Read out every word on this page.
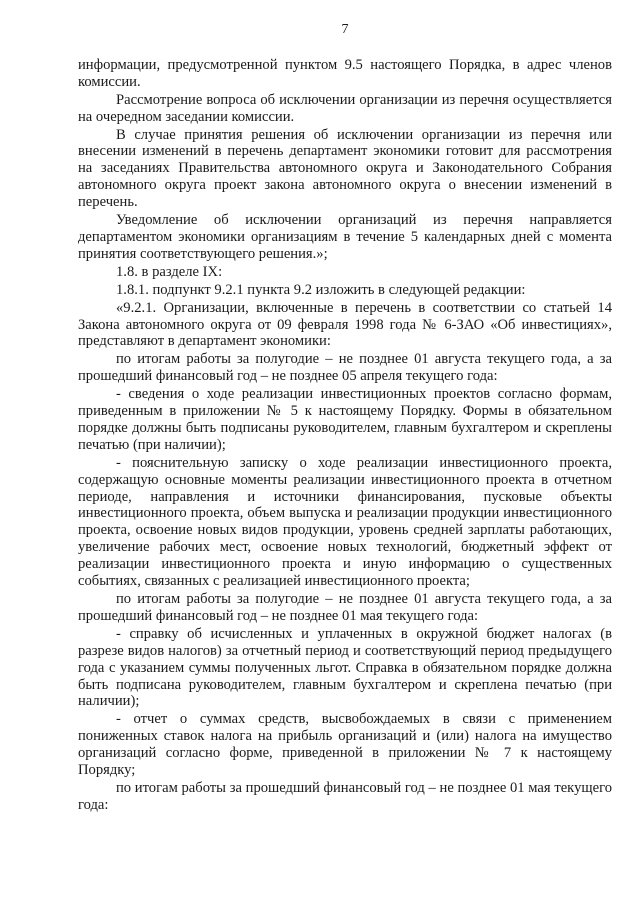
7

информации, предусмотренной пунктом 9.5 настоящего Порядка, в адрес членов комиссии.

Рассмотрение вопроса об исключении организации из перечня осуществляется на очередном заседании комиссии.

В случае принятия решения об исключении организации из перечня или внесении изменений в перечень департамент экономики готовит для рассмотрения на заседаниях Правительства автономного округа и Законодательного Собрания автономного округа проект закона автономного округа о внесении изменений в перечень.

Уведомление об исключении организаций из перечня направляется департаментом экономики организациям в течение 5 календарных дней с момента принятия соответствующего решения.»;

1.8. в разделе IX:

1.8.1. подпункт 9.2.1 пункта 9.2 изложить в следующей редакции:

«9.2.1. Организации, включенные в перечень в соответствии со статьей 14 Закона автономного округа от 09 февраля 1998 года № 6-ЗАО «Об инвестициях», представляют в департамент экономики:

по итогам работы за полугодие – не позднее 01 августа текущего года, а за прошедший финансовый год – не позднее 05 апреля текущего года:

- сведения о ходе реализации инвестиционных проектов согласно формам, приведенным в приложении № 5 к настоящему Порядку. Формы в обязательном порядке должны быть подписаны руководителем, главным бухгалтером и скреплены печатью (при наличии);

- пояснительную записку о ходе реализации инвестиционного проекта, содержащую основные моменты реализации инвестиционного проекта в отчетном периоде, направления и источники финансирования, пусковые объекты инвестиционного проекта, объем выпуска и реализации продукции инвестиционного проекта, освоение новых видов продукции, уровень средней зарплаты работающих, увеличение рабочих мест, освоение новых технологий, бюджетный эффект от реализации инвестиционного проекта и иную информацию о существенных событиях, связанных с реализацией инвестиционного проекта;

по итогам работы за полугодие – не позднее 01 августа текущего года, а за прошедший финансовый год – не позднее 01 мая текущего года:

- справку об исчисленных и уплаченных в окружной бюджет налогах (в разрезе видов налогов) за отчетный период и соответствующий период предыдущего года с указанием суммы полученных льгот. Справка в обязательном порядке должна быть подписана руководителем, главным бухгалтером и скреплена печатью (при наличии);

- отчет о суммах средств, высвобождаемых в связи с применением пониженных ставок налога на прибыль организаций и (или) налога на имущество организаций согласно форме, приведенной в приложении № 7 к настоящему Порядку;

по итогам работы за прошедший финансовый год – не позднее 01 мая текущего года:
